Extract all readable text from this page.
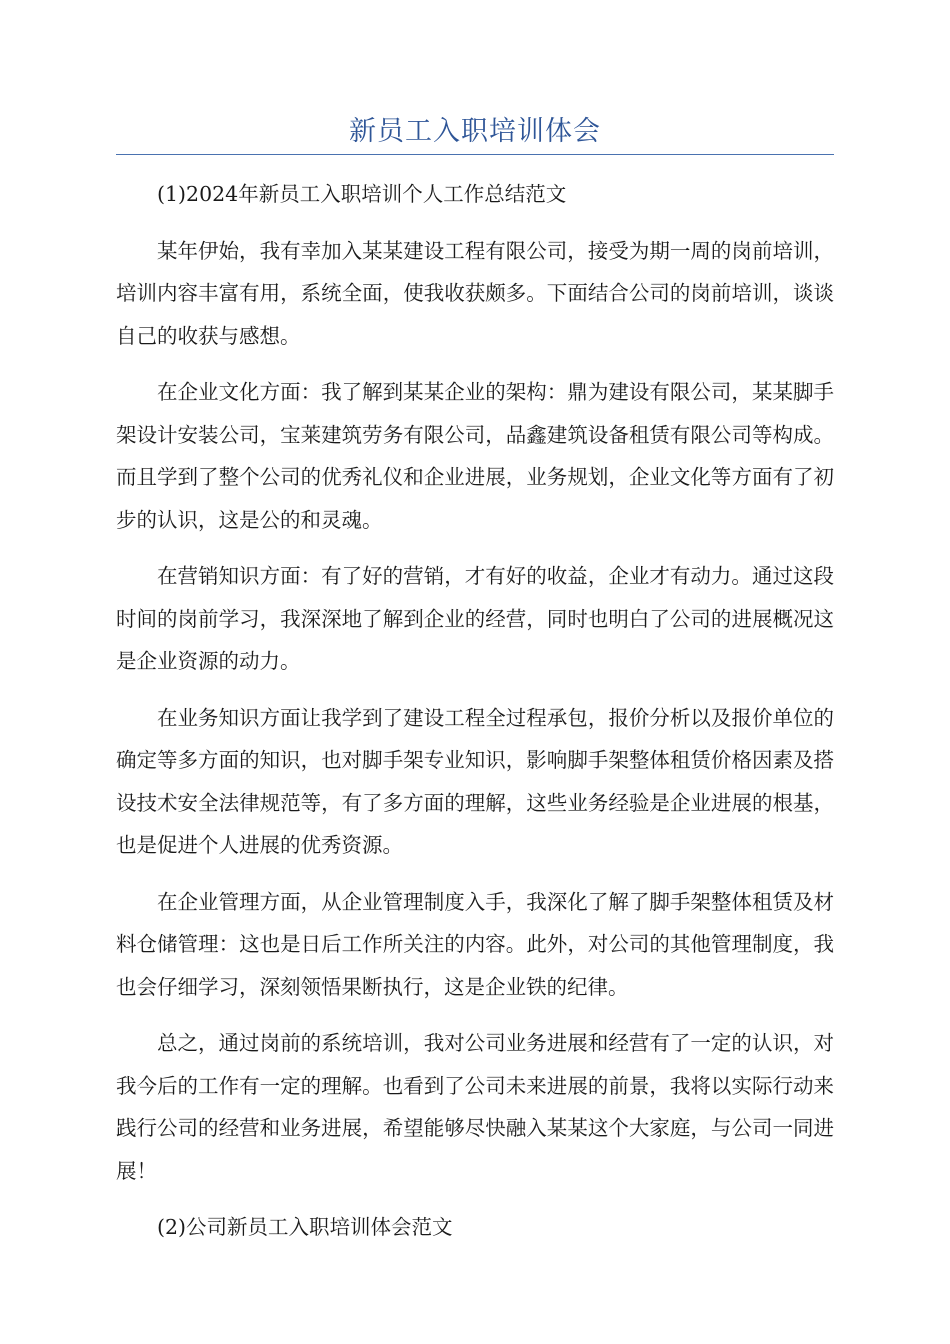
新员工入职培训体会

(1)2024年新员工入职培训个人工作总结范文

某年伊始，我有幸加入某某建设工程有限公司，接受为期一周的岗前培训，培训内容丰富有用，系统全面，使我收获颇多。下面结合公司的岗前培训，谈谈自己的收获与感想。

在企业文化方面：我了解到某某企业的架构：鼎为建设有限公司，某某脚手架设计安装公司，宝莱建筑劳务有限公司，品鑫建筑设备租赁有限公司等构成。而且学到了整个公司的优秀礼仪和企业进展，业务规划，企业文化等方面有了初步的认识，这是公的和灵魂。

在营销知识方面：有了好的营销，才有好的收益，企业才有动力。通过这段时间的岗前学习，我深深地了解到企业的经营，同时也明白了公司的进展概况这是企业资源的动力。

在业务知识方面让我学到了建设工程全过程承包，报价分析以及报价单位的确定等多方面的知识，也对脚手架专业知识，影响脚手架整体租赁价格因素及搭设技术安全法律规范等，有了多方面的理解，这些业务经验是企业进展的根基，也是促进个人进展的优秀资源。

在企业管理方面，从企业管理制度入手，我深化了解了脚手架整体租赁及材料仓储管理：这也是日后工作所关注的内容。此外，对公司的其他管理制度，我也会仔细学习，深刻领悟果断执行，这是企业铁的纪律。

总之，通过岗前的系统培训，我对公司业务进展和经营有了一定的认识，对我今后的工作有一定的理解。也看到了公司未来进展的前景，我将以实际行动来践行公司的经营和业务进展，希望能够尽快融入某某这个大家庭，与公司一同进展！

(2)公司新员工入职培训体会范文
